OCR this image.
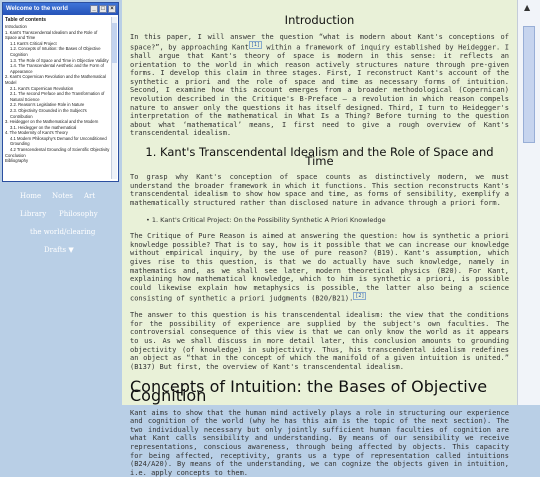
Welcome to the world	_ □ ×
Table of contents
Introduction
1. Kant's Transcendental Idealism and the Role of Space and Time
1.1 Kant's Critical Project
1.2. Concepts of Intuition: the Bases of Objective Cognition
1.3. The Role of Space and Time in Objective Validity
1.4. The Transcendental Aesthetic and the Form of Appearance
2. Kant's Copernican Revolution and the Mathematical Model
2.1. Kant's Copernican Revolution
2.1. The second Preface and the Transformation of Natural Science
2.2. Reason's Legislative Role in Nature
2.3. Objectivity Grounded in the Subject's Contribution
3. Heidegger on the Mathematical and the Modern
3.1. Heidegger on the mathematical
4. The Modernity of Kant's Theory
4.1 Modern Philosophy's Demand for Unconditioned Grounding
4.2 Transcendental Grounding of Scientific Objectivity
Conclusion
Bibliography
Home Notes Art
Library Philosophy
the world/clearing
Drafts ▼
Introduction

In this paper, I will answer the question “what is modern about Kant's conceptions of space?”, by approaching Kant [1] within a framework of inquiry established by Heidegger. I shall argue that Kant's theory of space is modern in this sense: it reflects an orientation to the world in which reason actively structures nature through pre-given forms. I develop this claim in three stages. First, I reconstruct Kant's account of the synthetic a priori and the role of space and time as necessary forms of intuition. Second, I examine how this account emerges from a broader methodological (Copernican) revolution described in the Critique's B-Preface – a revolution in which reason compels nature to answer only the questions it has itself designed. Third, I turn to Heidegger's interpretation of the mathematical in What Is a Thing? Before turning to the question about what ‘mathematical’ means, I first need to give a rough overview of Kant's transcendental idealism.

1. Kant's Transcendental Idealism and the Role of Space and Time

To grasp why Kant's conception of space counts as distinctively modern, we must understand the broader framework in which it functions. This section reconstructs Kant's transcendental idealism to show how space and time, as forms of sensibility, exemplify a mathematically structured rather than disclosed nature in advance through a priori form.

• 1. Kant's Critical Project: On the Possibility Synthetic A Priori Knowledge

The Critique of Pure Reason is aimed at answering the question: how is synthetic a priori knowledge possible? That is to say, how is it possible that we can increase our knowledge without empirical inquiry, by the use of pure reason? (B19). Kant's assumption, which gives rise to this question, is that we do actually have such knowledge, namely in mathematics and, as we shall see later, modern theoretical physics (B20). For Kant, explaining how mathematical knowledge, which to him is synthetic a priori, is possible could likewise explain how metaphysics is possible, the latter also being a science consisting of synthetic a priori judgments (B20/B21). [2]

The answer to this question is his transcendental idealism: the view that the conditions for the possibility of experience are supplied by the subject's own faculties. The controversial consequence of this view is that we can only know the world as it appears to us. As we shall discuss in more detail later, this conclusion amounts to grounding objectivity (of knowledge) in subjectivity. Thus, his transcendental idealism redefines an object as “that in the concept of which the manifold of a given intuition is united.” (B137) But first, the overview of Kant's transcendental idealism.

Concepts of Intuition: the Bases of Objective Cognition

Kant aims to show that the human mind actively plays a role in structuring our experience and cognition of the world (why he has this aim is the topic of the next section). The two individually necessary but only jointly sufficient human faculties of cognition are what Kant calls sensibility and understanding. By means of our sensibility we receive representations, conscious awareness, through being affected by objects. This capacity for being affected, receptivity, grants us a type of representation called intuitions (B24/A20). By means of the understanding, we can cognize the objects given in intuition, i.e. apply concepts to them.

▲
